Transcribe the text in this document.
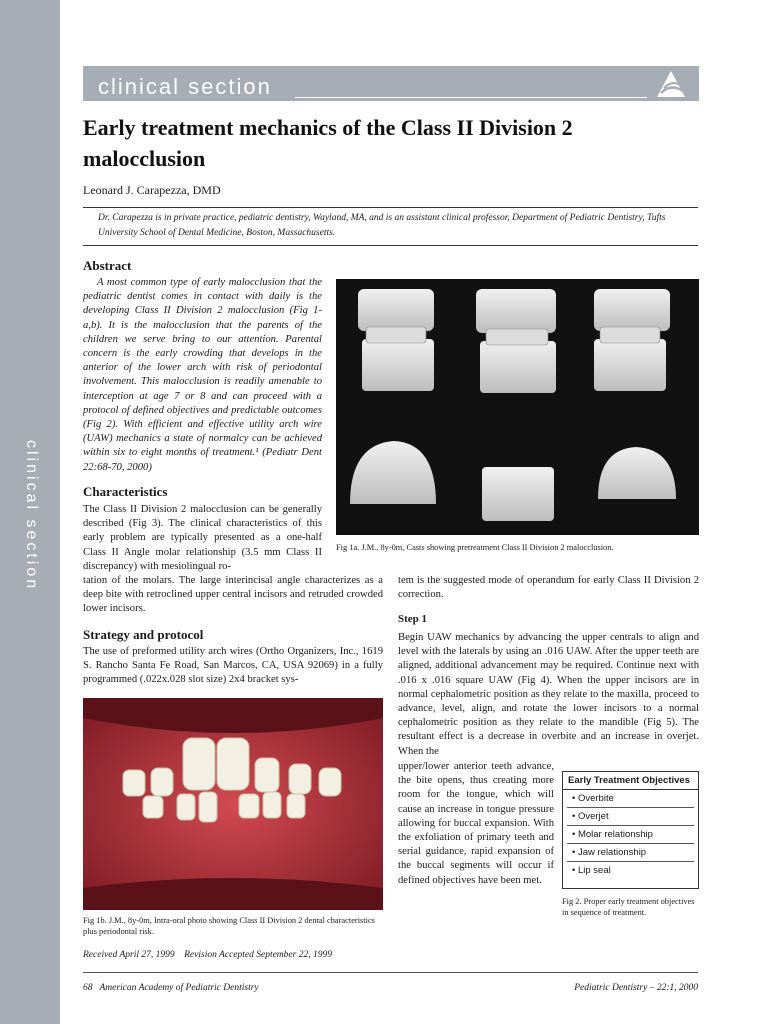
clinical section
clinical section
Early treatment mechanics of the Class II Division 2 malocclusion
Leonard J. Carapezza, DMD
Dr. Carapezza is in private practice, pediatric dentistry, Wayland, MA, and is an assistant clinical professor, Department of Pediatric Dentistry, Tufts University School of Dental Medicine, Boston, Massachusetts.
Abstract
A most common type of early malocclusion that the pediatric dentist comes in contact with daily is the developing Class II Division 2 malocclusion (Fig 1-a,b). It is the malocclusion that the parents of the children we serve bring to our attention. Parental concern is the early crowding that develops in the anterior of the lower arch with risk of periodontal involvement. This malocclusion is readily amenable to interception at age 7 or 8 and can proceed with a protocol of defined objectives and predictable outcomes (Fig 2). With efficient and effective utility arch wire (UAW) mechanics a state of normalcy can be achieved within six to eight months of treatment.¹ (Pediatr Dent 22:68-70, 2000)
Fig 1a. J.M., 8y-0m, Casts showing pretreatment Class II Division 2 malocclusion.
Characteristics
The Class II Division 2 malocclusion can be generally described (Fig 3). The clinical characteristics of this early problem are typically presented as a one-half Class II Angle molar relationship (3.5 mm Class II discrepancy) with mesiolingual ro-
tation of the molars. The large interincisal angle characterizes as a deep bite with retroclined upper central incisors and retruded crowded lower incisors.
Strategy and protocol
The use of preformed utility arch wires (Ortho Organizers, Inc., 1619 S. Rancho Santa Fe Road, San Marcos, CA, USA 92069) in a fully programmed (.022x.028 slot size) 2x4 bracket sys-
Fig 1b. J.M., 8y-0m, Intra-oral photo showing Class II Division 2 dental characteristics plus periodontal risk.
tem is the suggested mode of operandum for early Class II Division 2 correction.
Step 1
Begin UAW mechanics by advancing the upper centrals to align and level with the laterals by using an .016 UAW. After the upper teeth are aligned, additional advancement may be required. Continue next with .016 x .016 square UAW (Fig 4). When the upper incisors are in normal cephalometric position as they relate to the maxilla, proceed to advance, level, align, and rotate the lower incisors to a normal cephalometric position as they relate to the mandible (Fig 5). The resultant effect is a decrease in overbite and an increase in overjet. When the
upper/lower anterior teeth advance, the bite opens, thus creating more room for the tongue, which will cause an increase in tongue pressure allowing for buccal expansion. With the exfoliation of primary teeth and serial guidance, rapid expansion of the buccal segments will occur if defined objectives have been met.
Early Treatment Objectives
• Overbite
• Overjet
• Molar relationship
• Jaw relationship
• Lip seal
Fig 2. Proper early treatment objectives in sequence of treatment.
Received April 27, 1999    Revision Accepted September 22, 1999
68   American Academy of Pediatric Dentistry	Pediatric Dentistry – 22:1, 2000
